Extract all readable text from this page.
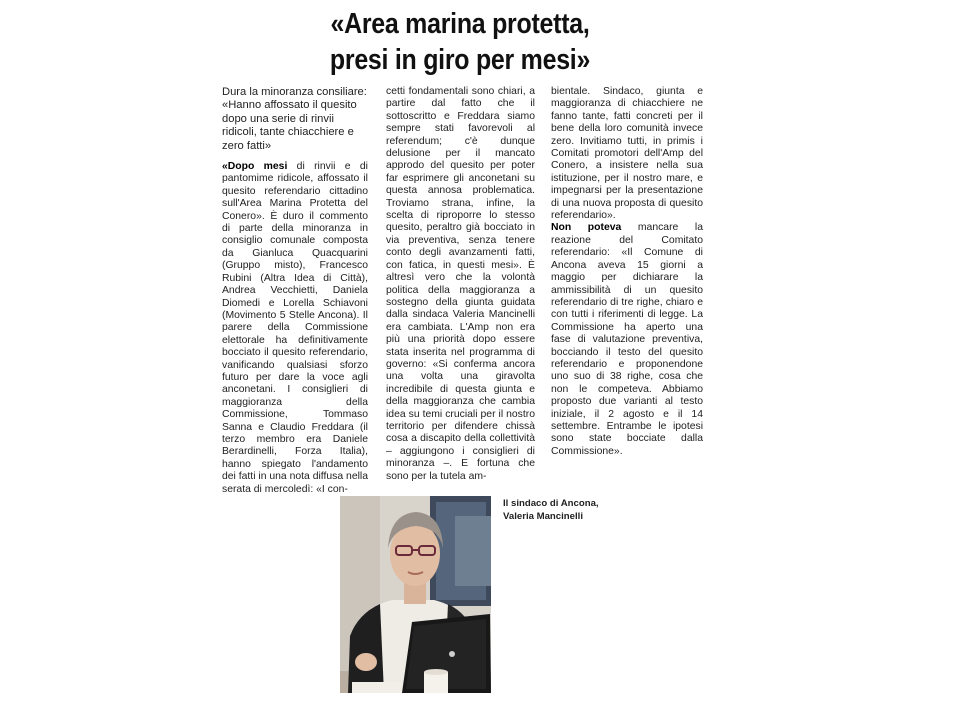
«Area marina protetta,
presi in giro per mesi»

Dura la minoranza consiliare: «Hanno affossato il quesito dopo una serie di rinvii ridicoli, tante chiacchiere e zero fatti»

«Dopo mesi di rinvii e di pantomime ridicole, affossato il quesito referendario cittadino sull'Area Marina Protetta del Conero». È duro il commento di parte della minoranza in consiglio comunale composta da Gianluca Quacquarini (Gruppo misto), Francesco Rubini (Altra Idea di Città), Andrea Vecchietti, Daniela Diomedi e Lorella Schiavoni (Movimento 5 Stelle Ancona). Il parere della Commissione elettorale ha definitivamente bocciato il quesito referendario, vanificando qualsiasi sforzo futuro per dare la voce agli anconetani. I consiglieri di maggioranza della Commissione, Tommaso Sanna e Claudio Freddara (il terzo membro era Daniele Berardinelli, Forza Italia), hanno spiegato l'andamento dei fatti in una nota diffusa nella serata di mercoledì: «I con-

cetti fondamentali sono chiari, a partire dal fatto che il sottoscritto e Freddara siamo sempre stati favorevoli al referendum; c'è dunque delusione per il mancato approdo del quesito per poter far esprimere gli anconetani su questa annosa problematica. Troviamo strana, infine, la scelta di riproporre lo stesso quesito, peraltro già bocciato in via preventiva, senza tenere conto degli avanzamenti fatti, con fatica, in questi mesi». È altresì vero che la volontà politica della maggioranza a sostegno della giunta guidata dalla sindaca Valeria Mancinelli era cambiata. L'Amp non era più una priorità dopo essere stata inserita nel programma di governo: «Si conferma ancora una volta una giravolta incredibile di questa giunta e della maggioranza che cambia idea su temi cruciali per il nostro territorio per difendere chissà cosa a discapito della collettività – aggiungono i consiglieri di minoranza –. E fortuna che sono per la tutela am-

bientale. Sindaco, giunta e maggioranza di chiacchiere ne fanno tante, fatti concreti per il bene della loro comunità invece zero. Invitiamo tutti, in primis i Comitati promotori dell'Amp del Conero, a insistere nella sua istituzione, per il nostro mare, e impegnarsi per la presentazione di una nuova proposta di quesito referendario».

Non poteva mancare la reazione del Comitato referendario: «Il Comune di Ancona aveva 15 giorni a maggio per dichiarare la ammissibilità di un quesito referendario di tre righe, chiaro e con tutti i riferimenti di legge. La Commissione ha aperto una fase di valutazione preventiva, bocciando il testo del quesito referendario e proponendone uno suo di 38 righe, cosa che non le competeva. Abbiamo proposto due varianti al testo iniziale, il 2 agosto e il 14 settembre. Entrambe le ipotesi sono state bocciate dalla Commissione».

Il sindaco di Ancona,
Valeria Mancinelli
